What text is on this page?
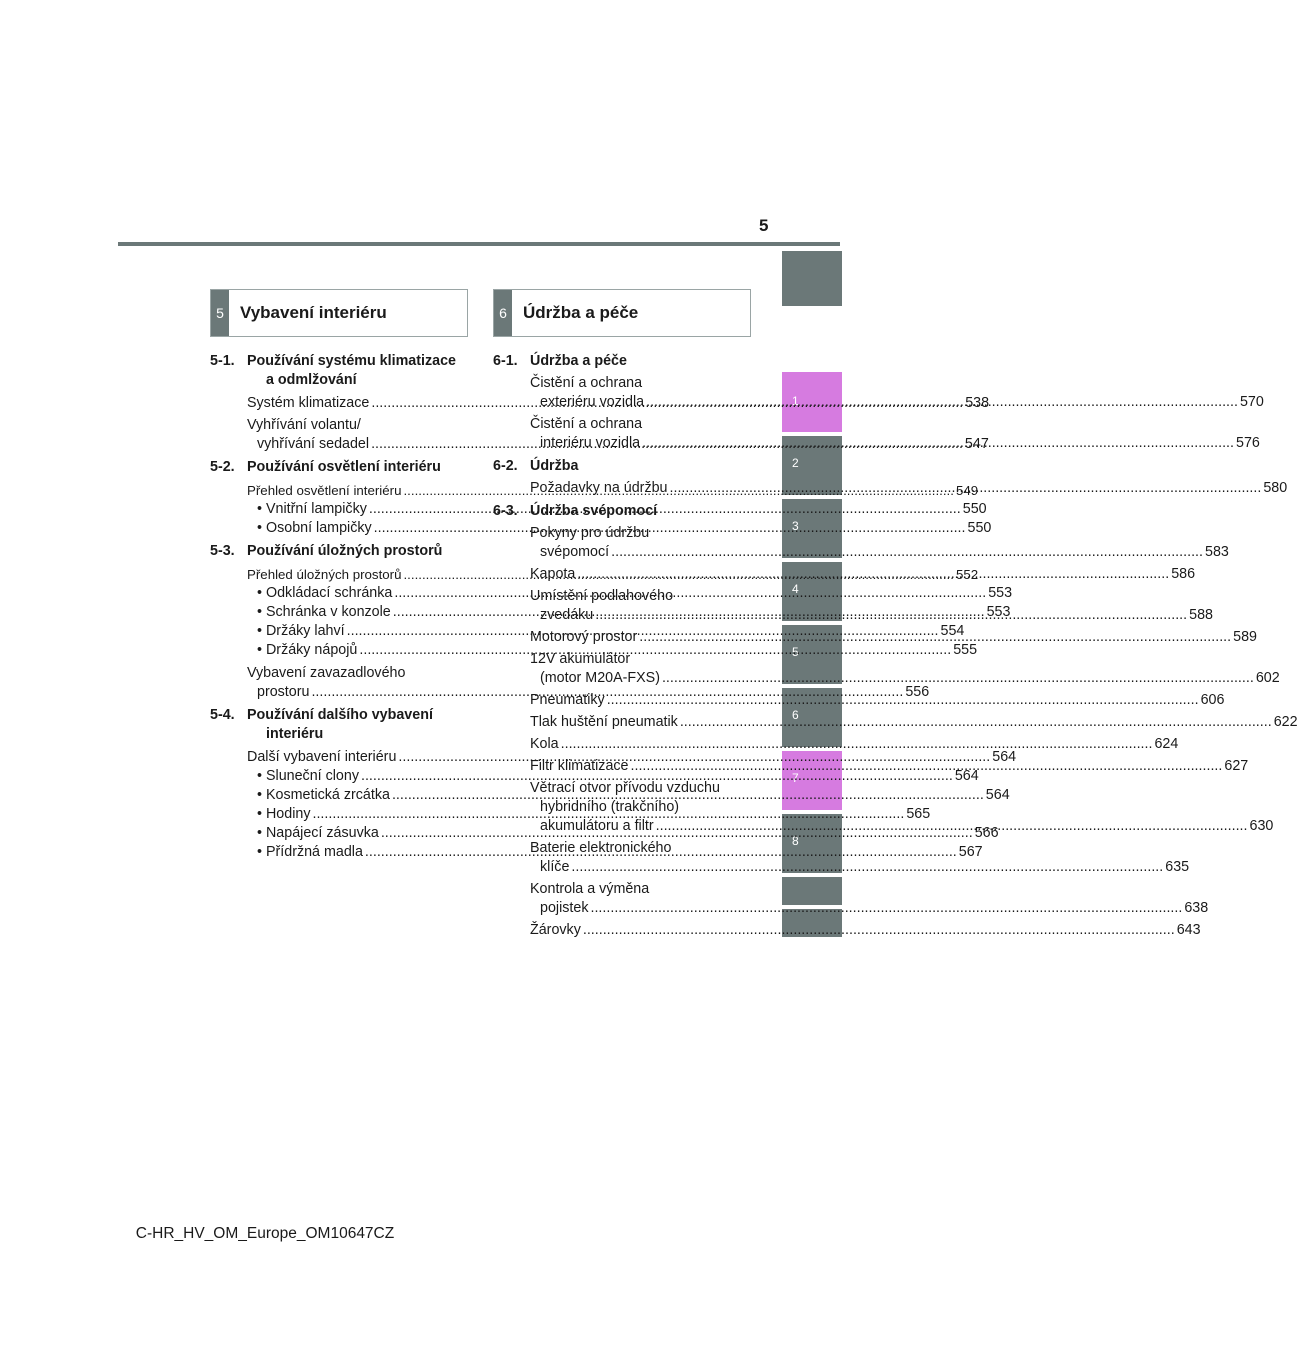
5
1
2
3
4
5
6
7
8
5 Vybavení interiéru	6 Údržba a péče
5-1. Používání systému klimatizace
a odmlžování
Systém klimatizace .....	538
Vyhřívání volantu/
vyhřívání sedadel .....	547
5-2. Používání osvětlení interiéru
Přehled osvětlení interiéru .....	549
• Vnitřní lampičky .....	550
• Osobní lampičky .....	550
5-3. Používání úložných prostorů
Přehled úložných prostorů .....	552
• Odkládací schránka .....	553
• Schránka v konzole .....	553
• Držáky lahví .....	554
• Držáky nápojů .....	555
Vybavení zavazadlového
prostoru .....	556
5-4. Používání dalšího vybavení
interiéru
Další vybavení interiéru .....	564
• Sluneční clony .....	564
• Kosmetická zrcátka .....	564
• Hodiny .....	565
• Napájecí zásuvka .....	566
• Přídržná madla .....	567
6-1. Údržba a péče
Čistění a ochrana
exteriéru vozidla .....	570
Čistění a ochrana
interiéru vozidla .....	576
6-2. Údržba
Požadavky na údržbu .....	580
6-3. Údržba svépomocí
Pokyny pro údržbu
svépomocí .....	583
Kapota .....	586
Umístění podlahového
zvedáku .....	588
Motorový prostor .....	589
12V akumulátor
(motor M20A-FXS) .....	602
Pneumatiky .....	606
Tlak huštění pneumatik .....	622
Kola .....	624
Filtr klimatizace .....	627
Větrací otvor přívodu vzduchu
hybridního (trakčního)
akumulátoru a filtr .....	630
Baterie elektronického
klíče .....	635
Kontrola a výměna
pojistek .....	638
Žárovky .....	643
C-HR_HV_OM_Europe_OM10647CZ
